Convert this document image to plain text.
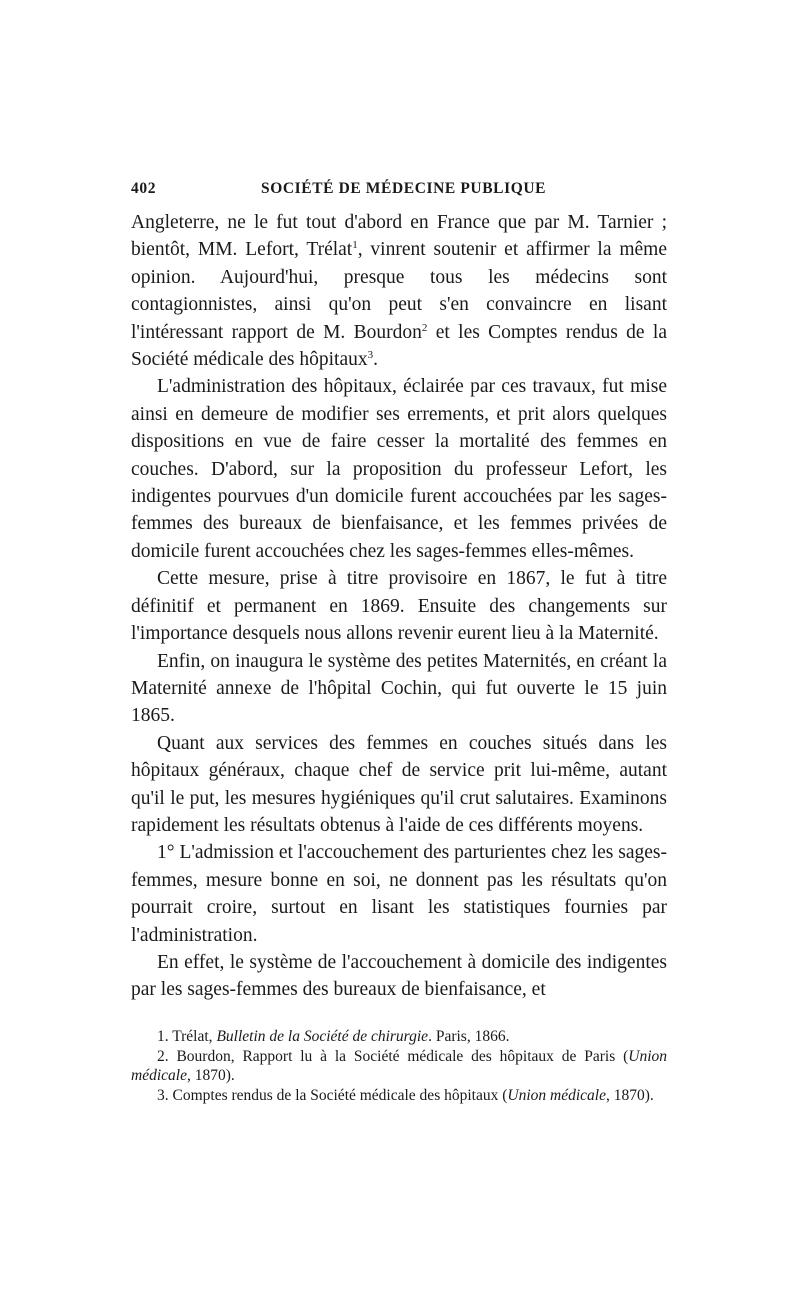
402	SOCIÉTÉ DE MÉDECINE PUBLIQUE

Angleterre, ne le fut tout d'abord en France que par M. Tarnier ; bientôt, MM. Lefort, Trélat$^1$, vinrent soutenir et affirmer la même opinion. Aujourd'hui, presque tous les médecins sont contagionnistes, ainsi qu'on peut s'en convaincre en lisant l'intéressant rapport de M. Bourdon$^2$ et les Comptes rendus de la Société médicale des hôpitaux$^3$.

L'administration des hôpitaux, éclairée par ces travaux, fut mise ainsi en demeure de modifier ses errements, et prit alors quelques dispositions en vue de faire cesser la mortalité des femmes en couches. D'abord, sur la proposition du professeur Lefort, les indigentes pourvues d'un domicile furent accouchées par les sages-femmes des bureaux de bienfaisance, et les femmes privées de domicile furent accouchées chez les sages-femmes elles-mêmes.

Cette mesure, prise à titre provisoire en 1867, le fut à titre définitif et permanent en 1869. Ensuite des changements sur l'importance desquels nous allons revenir eurent lieu à la Maternité.

Enfin, on inaugura le système des petites Maternités, en créant la Maternité annexe de l'hôpital Cochin, qui fut ouverte le 15 juin 1865.

Quant aux services des femmes en couches situés dans les hôpitaux généraux, chaque chef de service prit lui-même, autant qu'il le put, les mesures hygiéniques qu'il crut salutaires. Examinons rapidement les résultats obtenus à l'aide de ces différents moyens.

1° L'admission et l'accouchement des parturientes chez les sages-femmes, mesure bonne en soi, ne donnent pas les résultats qu'on pourrait croire, surtout en lisant les statistiques fournies par l'administration.

En effet, le système de l'accouchement à domicile des indigentes par les sages-femmes des bureaux de bienfaisance, et

1. Trélat, Bulletin de la Société de chirurgie. Paris, 1866.

2. Bourdon, Rapport lu à la Société médicale des hôpitaux de Paris (Union médicale, 1870).

3. Comptes rendus de la Société médicale des hôpitaux (Union médicale, 1870).
